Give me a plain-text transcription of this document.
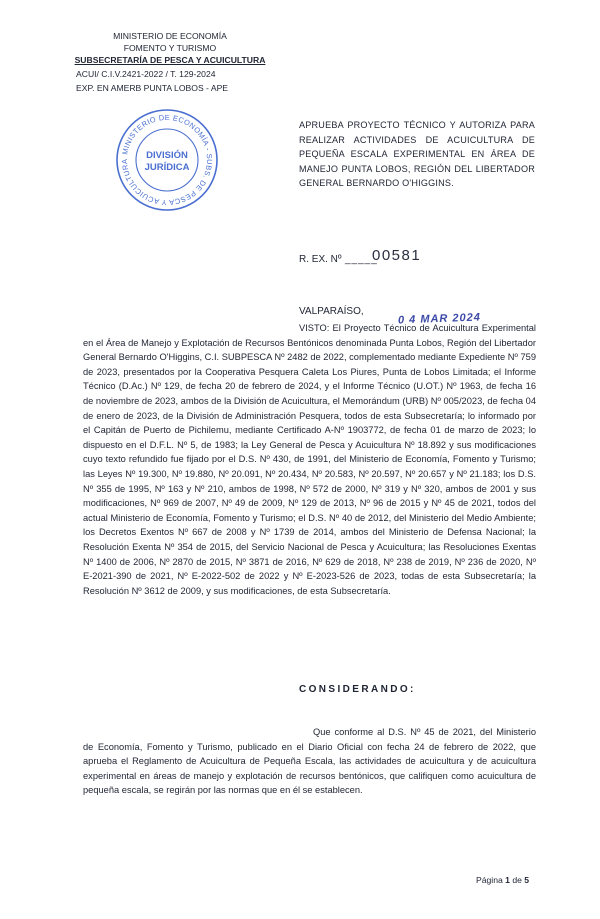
MINISTERIO DE ECONOMÍA
FOMENTO Y TURISMO
SUBSECRETARÍA DE PESCA Y ACUICULTURA
ACUI/ C.I.V.2421-2022 / T. 129-2024
EXP. EN AMERB PUNTA LOBOS - APE
MINISTERIO DE ECONOMÍA - SUBS. DE PESCA Y ACUICULTURA
DIVISIÓN
JURÍDICA
APRUEBA PROYECTO TÉCNICO Y AUTORIZA PARA REALIZAR ACTIVIDADES DE ACUICULTURA DE PEQUEÑA ESCALA EXPERIMENTAL EN ÁREA DE MANEJO PUNTA LOBOS, REGIÓN DEL LIBERTADOR GENERAL BERNARDO O'HIGGINS.
R. EX. Nº _____
00581
VALPARAÍSO,
0 4 MAR 2024
VISTO: El Proyecto Técnico de Acuicultura Experimental en el Área de Manejo y Explotación de Recursos Bentónicos denominada Punta Lobos, Región del Libertador General Bernardo O'Higgins, C.I. SUBPESCA Nº 2482 de 2022, complementado mediante Expediente Nº 759 de 2023, presentados por la Cooperativa Pesquera Caleta Los Piures, Punta de Lobos Limitada; el Informe Técnico (D.Ac.) Nº 129, de fecha 20 de febrero de 2024, y el Informe Técnico (U.OT.) Nº 1963, de fecha 16 de noviembre de 2023, ambos de la División de Acuicultura, el Memorándum (URB) Nº 005/2023, de fecha 04 de enero de 2023, de la División de Administración Pesquera, todos de esta Subsecretaría; lo informado por el Capitán de Puerto de Pichilemu, mediante Certificado A-Nº 1903772, de fecha 01 de marzo de 2023; lo dispuesto en el D.F.L. Nº 5, de 1983; la Ley General de Pesca y Acuicultura Nº 18.892 y sus modificaciones cuyo texto refundido fue fijado por el D.S. Nº 430, de 1991, del Ministerio de Economía, Fomento y Turismo; las Leyes Nº 19.300, Nº 19.880, Nº 20.091, Nº 20.434, Nº 20.583, Nº 20.597, Nº 20.657 y Nº 21.183; los D.S. Nº 355 de 1995, Nº 163 y Nº 210, ambos de 1998, Nº 572 de 2000, Nº 319 y Nº 320, ambos de 2001 y sus modificaciones, Nº 969 de 2007, Nº 49 de 2009, Nº 129 de 2013, Nº 96 de 2015 y Nº 45 de 2021, todos del actual Ministerio de Economía, Fomento y Turismo; el D.S. Nº 40 de 2012, del Ministerio del Medio Ambiente; los Decretos Exentos Nº 667 de 2008 y Nº 1739 de 2014, ambos del Ministerio de Defensa Nacional; la Resolución Exenta Nº 354 de 2015, del Servicio Nacional de Pesca y Acuicultura; las Resoluciones Exentas Nº 1400 de 2006, Nº 2870 de 2015, Nº 3871 de 2016, Nº 629 de 2018, Nº 238 de 2019, Nº 236 de 2020, Nº E-2021-390 de 2021, Nº E-2022-502 de 2022 y Nº E-2023-526 de 2023, todas de esta Subsecretaría; la Resolución Nº 3612 de 2009, y sus modificaciones, de esta Subsecretaría.
CONSIDERANDO:
Que conforme al D.S. Nº 45 de 2021, del Ministerio de Economía, Fomento y Turismo, publicado en el Diario Oficial con fecha 24 de febrero de 2022, que aprueba el Reglamento de Acuicultura de Pequeña Escala, las actividades de acuicultura y de acuicultura experimental en áreas de manejo y explotación de recursos bentónicos, que califiquen como acuicultura de pequeña escala, se regirán por las normas que en él se establecen.
Página 1 de 5
